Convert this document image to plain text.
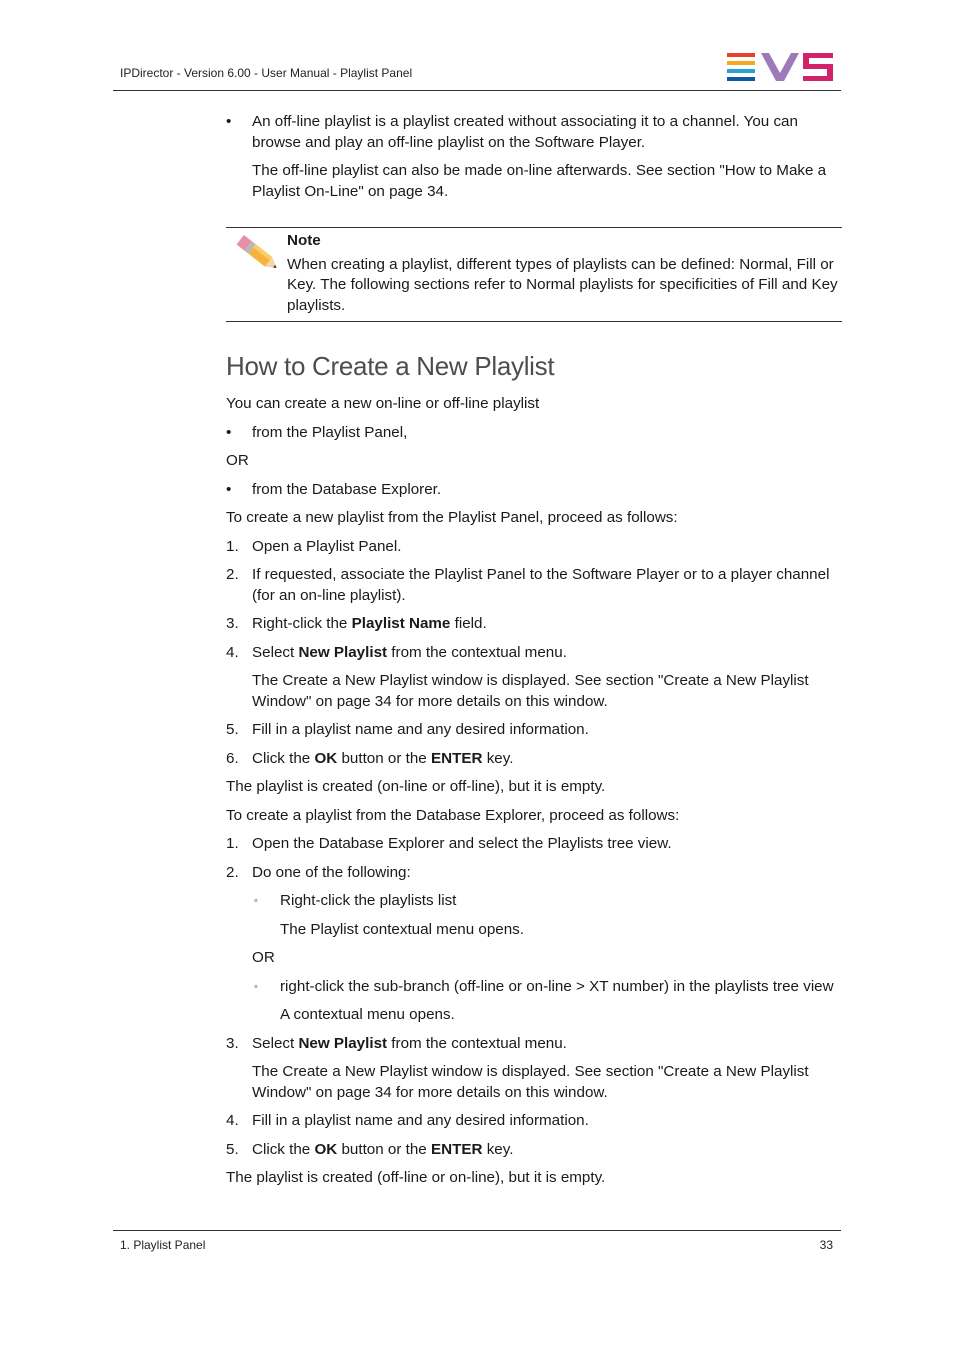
IPDirector - Version 6.00 - User Manual - Playlist Panel
• An off-line playlist is a playlist created without associating it to a channel. You can browse and play an off-line playlist on the Software Player.

The off-line playlist can also be made on-line afterwards. See section "How to Make a Playlist On-Line" on page 34.

Note

When creating a playlist, different types of playlists can be defined: Normal, Fill or Key. The following sections refer to Normal playlists for specificities of Fill and Key playlists.

How to Create a New Playlist

You can create a new on-line or off-line playlist

• from the Playlist Panel,

OR

• from the Database Explorer.

To create a new playlist from the Playlist Panel, proceed as follows:

1. Open a Playlist Panel.

2. If requested, associate the Playlist Panel to the Software Player or to a player channel (for an on-line playlist).

3. Right-click the Playlist Name field.

4. Select New Playlist from the contextual menu.

The Create a New Playlist window is displayed. See section "Create a New Playlist Window" on page 34 for more details on this window.

5. Fill in a playlist name and any desired information.

6. Click the OK button or the ENTER key.

The playlist is created (on-line or off-line), but it is empty.

To create a playlist from the Database Explorer, proceed as follows:

1. Open the Database Explorer and select the Playlists tree view.

2. Do one of the following:

◦ Right-click the playlists list

The Playlist contextual menu opens.

OR

◦ right-click the sub-branch (off-line or on-line > XT number) in the playlists tree view

A contextual menu opens.

3. Select New Playlist from the contextual menu.

The Create a New Playlist window is displayed. See section "Create a New Playlist Window" on page 34 for more details on this window.

4. Fill in a playlist name and any desired information.

5. Click the OK button or the ENTER key.

The playlist is created (off-line or on-line), but it is empty.

1. Playlist Panel	33
